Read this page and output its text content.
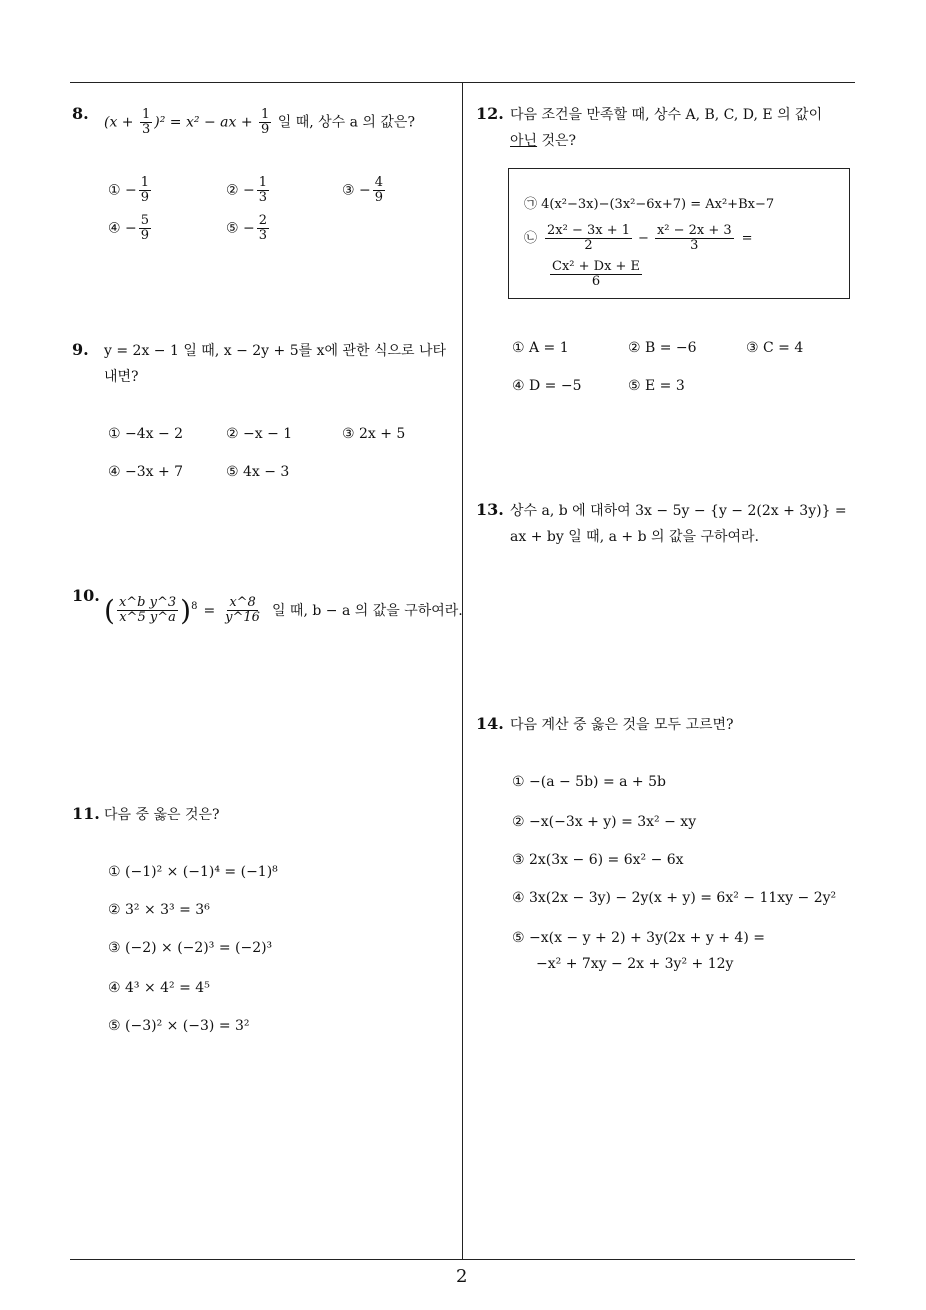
8. $(x + \frac{1}{3} )^2 = x^2$ − ax + $\frac{1}{9}$ 일 때, 상수 a 의 값은?
① − $\frac{1}{9}$	② − $\frac{1}{3}$	③ − $\frac{4}{9}$
④ − $\frac{5}{9}$	⑤ − $\frac{2}{3}$
9. y = 2x − 1 일 때, x − 2y + 5를 x에 관한 식으로 나타
내면?
① −4x − 2	② −x − 1	③ 2x + 5
④ −3x + 7	⑤ 4x − 3
10. ( $\frac{\text{x\textasciicircum{}b y\textasciicircum{}3}}{x\^{}5 y\^{}a} )^8 = \frac{x\^{}8}{y\^{}16}$ 일 때, b − a 의 값을 구하여라.
11. 다음 중 옳은 것은?
① (−1)² × (−1)⁴ = (−1)⁸
② 3² × 3³ = 3⁶
③ (−2) × (−2)³ = (−2)³
④ 4³ × 4² = 4⁵
⑤ (−3)² × (−3) = 3²
12. 다음 조건을 만족할 때, 상수 A, B, C, D, E 의 값이
아닌 것은?
㉠ 4(x²−3x)−(3x²−6x+7) = Ax²+Bx−7
㉡ $\frac{\text{2x² − 3x + 1}}{2} - \frac{\text{x² − 2x + 3}}{3}$ =
$\frac{\text{Cx² + Dx + E}}{6}$
① A = 1	② B = −6	③ C = 4
④ D = −5	⑤ E = 3
13. 상수 a, b 에 대하여 3x − 5y − {y − 2(2x + 3y)} =
ax + by 일 때, a + b 의 값을 구하여라.
14. 다음 계산 중 옳은 것을 모두 고르면?
① −(a − 5b) = a + 5b
② −x(−3x + y) = 3x² − xy
③ 2x(3x − 6) = 6x² − 6x
④ 3x(2x − 3y) − 2y(x + y) = 6x² − 11xy − 2y²
⑤ −x(x − y + 2) + 3y(2x + y + 4) =
−x² + 7xy − 2x + 3y² + 12y
2
